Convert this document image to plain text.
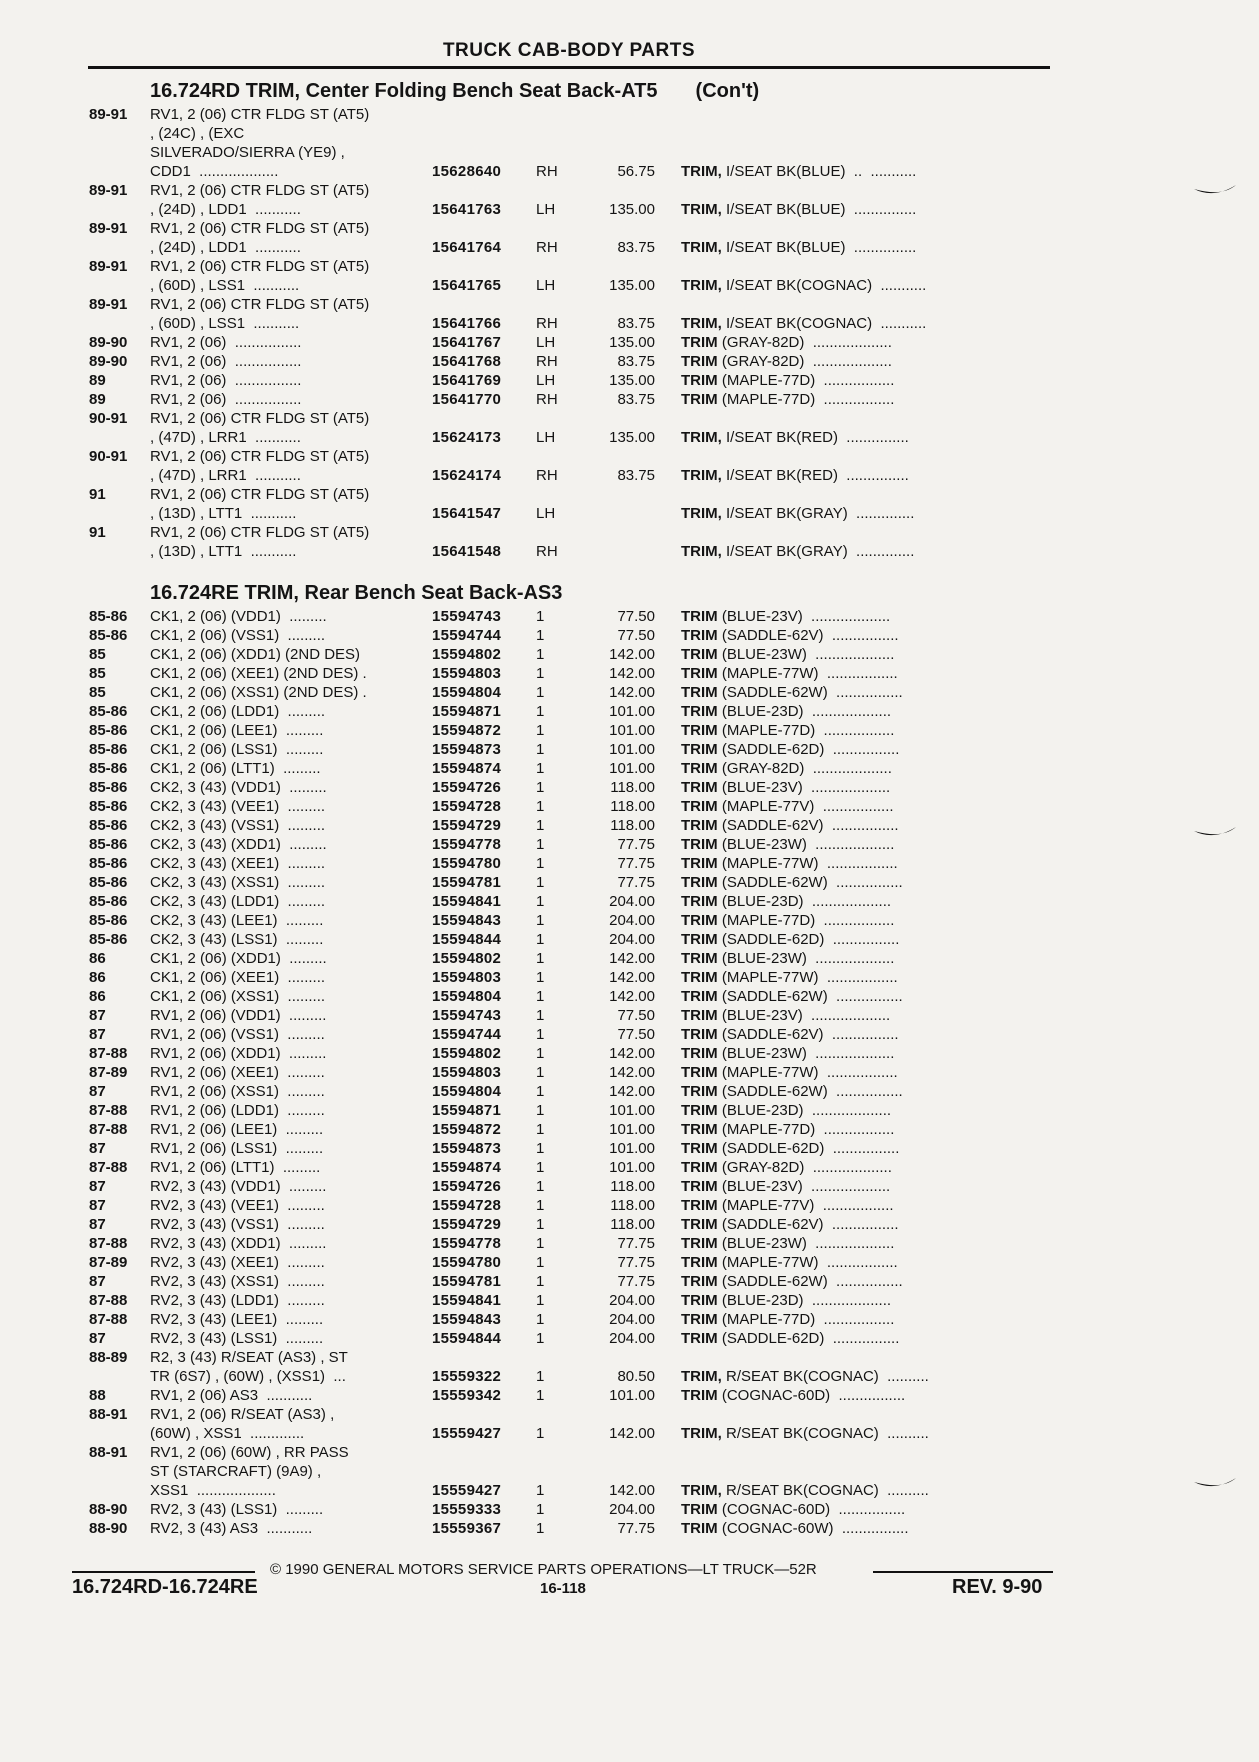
TRUCK CAB-BODY PARTS
16.724RD TRIM, Center Folding Bench Seat Back-AT5 (Con't)
89-91 RV1, 2 (06) CTR FLDG ST (AT5)
, (24C) , (EXC
SILVERADO/SIERRA (YE9) ,
CDD1  ...................	15628640 RH	56.75 TRIM, I/SEAT BK(BLUE)  ..  ...........
89-91 RV1, 2 (06) CTR FLDG ST (AT5)
, (24D) , LDD1  ...........	15641763 LH	135.00 TRIM, I/SEAT BK(BLUE)  ...............
89-91 RV1, 2 (06) CTR FLDG ST (AT5)
, (24D) , LDD1  ...........	15641764 RH	83.75 TRIM, I/SEAT BK(BLUE)  ...............
89-91 RV1, 2 (06) CTR FLDG ST (AT5)
, (60D) , LSS1  ...........	15641765 LH	135.00 TRIM, I/SEAT BK(COGNAC)  ...........
89-91 RV1, 2 (06) CTR FLDG ST (AT5)
, (60D) , LSS1  ...........	15641766 RH	83.75 TRIM, I/SEAT BK(COGNAC)  ...........
89-90 RV1, 2 (06)  ................	15641767 LH	135.00 TRIM (GRAY-82D)  ...................
89-90 RV1, 2 (06)  ................	15641768 RH	83.75 TRIM (GRAY-82D)  ...................
89	RV1, 2 (06)  ................	15641769 LH	135.00 TRIM (MAPLE-77D)  .................
89	RV1, 2 (06)  ................	15641770 RH	83.75 TRIM (MAPLE-77D)  .................
90-91 RV1, 2 (06) CTR FLDG ST (AT5)
, (47D) , LRR1  ...........	15624173 LH	135.00 TRIM, I/SEAT BK(RED)  ...............
90-91 RV1, 2 (06) CTR FLDG ST (AT5)
, (47D) , LRR1  ...........	15624174 RH	83.75 TRIM, I/SEAT BK(RED)  ...............
91	RV1, 2 (06) CTR FLDG ST (AT5)
, (13D) , LTT1  ...........	15641547 LH	TRIM, I/SEAT BK(GRAY)  ..............
91	RV1, 2 (06) CTR FLDG ST (AT5)
, (13D) , LTT1  ...........	15641548 RH	TRIM, I/SEAT BK(GRAY)  ..............
16.724RE TRIM, Rear Bench Seat Back-AS3
85-86 CK1, 2 (06) (VDD1)  .........	15594743 1	77.50 TRIM (BLUE-23V)  ...................
85-86 CK1, 2 (06) (VSS1)  .........	15594744 1	77.50 TRIM (SADDLE-62V)  ................
85	CK1, 2 (06) (XDD1) (2ND DES)	15594802 1	142.00 TRIM (BLUE-23W)  ...................
85	CK1, 2 (06) (XEE1) (2ND DES) .	15594803 1	142.00 TRIM (MAPLE-77W)  .................
85	CK1, 2 (06) (XSS1) (2ND DES) .	15594804 1	142.00 TRIM (SADDLE-62W)  ................
85-86 CK1, 2 (06) (LDD1)  .........	15594871 1	101.00 TRIM (BLUE-23D)  ...................
85-86 CK1, 2 (06) (LEE1)  .........	15594872 1	101.00 TRIM (MAPLE-77D)  .................
85-86 CK1, 2 (06) (LSS1)  .........	15594873 1	101.00 TRIM (SADDLE-62D)  ................
85-86 CK1, 2 (06) (LTT1)  .........	15594874 1	101.00 TRIM (GRAY-82D)  ...................
85-86 CK2, 3 (43) (VDD1)  .........	15594726 1	118.00 TRIM (BLUE-23V)  ...................
85-86 CK2, 3 (43) (VEE1)  .........	15594728 1	118.00 TRIM (MAPLE-77V)  .................
85-86 CK2, 3 (43) (VSS1)  .........	15594729 1	118.00 TRIM (SADDLE-62V)  ................
85-86 CK2, 3 (43) (XDD1)  .........	15594778 1	77.75 TRIM (BLUE-23W)  ...................
85-86 CK2, 3 (43) (XEE1)  .........	15594780 1	77.75 TRIM (MAPLE-77W)  .................
85-86 CK2, 3 (43) (XSS1)  .........	15594781 1	77.75 TRIM (SADDLE-62W)  ................
85-86 CK2, 3 (43) (LDD1)  .........	15594841 1	204.00 TRIM (BLUE-23D)  ...................
85-86 CK2, 3 (43) (LEE1)  .........	15594843 1	204.00 TRIM (MAPLE-77D)  .................
85-86 CK2, 3 (43) (LSS1)  .........	15594844 1	204.00 TRIM (SADDLE-62D)  ................
86	CK1, 2 (06) (XDD1)  .........	15594802 1	142.00 TRIM (BLUE-23W)  ...................
86	CK1, 2 (06) (XEE1)  .........	15594803 1	142.00 TRIM (MAPLE-77W)  .................
86	CK1, 2 (06) (XSS1)  .........	15594804 1	142.00 TRIM (SADDLE-62W)  ................
87	RV1, 2 (06) (VDD1)  .........	15594743 1	77.50 TRIM (BLUE-23V)  ...................
87	RV1, 2 (06) (VSS1)  .........	15594744 1	77.50 TRIM (SADDLE-62V)  ................
87-88 RV1, 2 (06) (XDD1)  .........	15594802 1	142.00 TRIM (BLUE-23W)  ...................
87-89 RV1, 2 (06) (XEE1)  .........	15594803 1	142.00 TRIM (MAPLE-77W)  .................
87	RV1, 2 (06) (XSS1)  .........	15594804 1	142.00 TRIM (SADDLE-62W)  ................
87-88 RV1, 2 (06) (LDD1)  .........	15594871 1	101.00 TRIM (BLUE-23D)  ...................
87-88 RV1, 2 (06) (LEE1)  .........	15594872 1	101.00 TRIM (MAPLE-77D)  .................
87	RV1, 2 (06) (LSS1)  .........	15594873 1	101.00 TRIM (SADDLE-62D)  ................
87-88 RV1, 2 (06) (LTT1)  .........	15594874 1	101.00 TRIM (GRAY-82D)  ...................
87	RV2, 3 (43) (VDD1)  .........	15594726 1	118.00 TRIM (BLUE-23V)  ...................
87	RV2, 3 (43) (VEE1)  .........	15594728 1	118.00 TRIM (MAPLE-77V)  .................
87	RV2, 3 (43) (VSS1)  .........	15594729 1	118.00 TRIM (SADDLE-62V)  ................
87-88 RV2, 3 (43) (XDD1)  .........	15594778 1	77.75 TRIM (BLUE-23W)  ...................
87-89 RV2, 3 (43) (XEE1)  .........	15594780 1	77.75 TRIM (MAPLE-77W)  .................
87	RV2, 3 (43) (XSS1)  .........	15594781 1	77.75 TRIM (SADDLE-62W)  ................
87-88 RV2, 3 (43) (LDD1)  .........	15594841 1	204.00 TRIM (BLUE-23D)  ...................
87-88 RV2, 3 (43) (LEE1)  .........	15594843 1	204.00 TRIM (MAPLE-77D)  .................
87	RV2, 3 (43) (LSS1)  .........	15594844 1	204.00 TRIM (SADDLE-62D)  ................
88-89 R2, 3 (43) R/SEAT (AS3) , ST
TR (6S7) , (60W) , (XSS1)  ...	15559322 1	80.50 TRIM, R/SEAT BK(COGNAC)  ..........
88	RV1, 2 (06) AS3  ...........	15559342 1	101.00 TRIM (COGNAC-60D)  ................
88-91 RV1, 2 (06) R/SEAT (AS3) ,
(60W) , XSS1  .............	15559427 1	142.00 TRIM, R/SEAT BK(COGNAC)  ..........
88-91 RV1, 2 (06) (60W) , RR PASS
ST (STARCRAFT) (9A9) ,
XSS1  ...................	15559427 1	142.00 TRIM, R/SEAT BK(COGNAC)  ..........
88-90 RV2, 3 (43) (LSS1)  .........	15559333 1	204.00 TRIM (COGNAC-60D)  ................
88-90 RV2, 3 (43) AS3  ...........	15559367 1	77.75 TRIM (COGNAC-60W)  ................
© 1990 GENERAL MOTORS SERVICE PARTS OPERATIONS—LT TRUCK—52R
16.724RD-16.724RE	16-118	REV. 9-90
